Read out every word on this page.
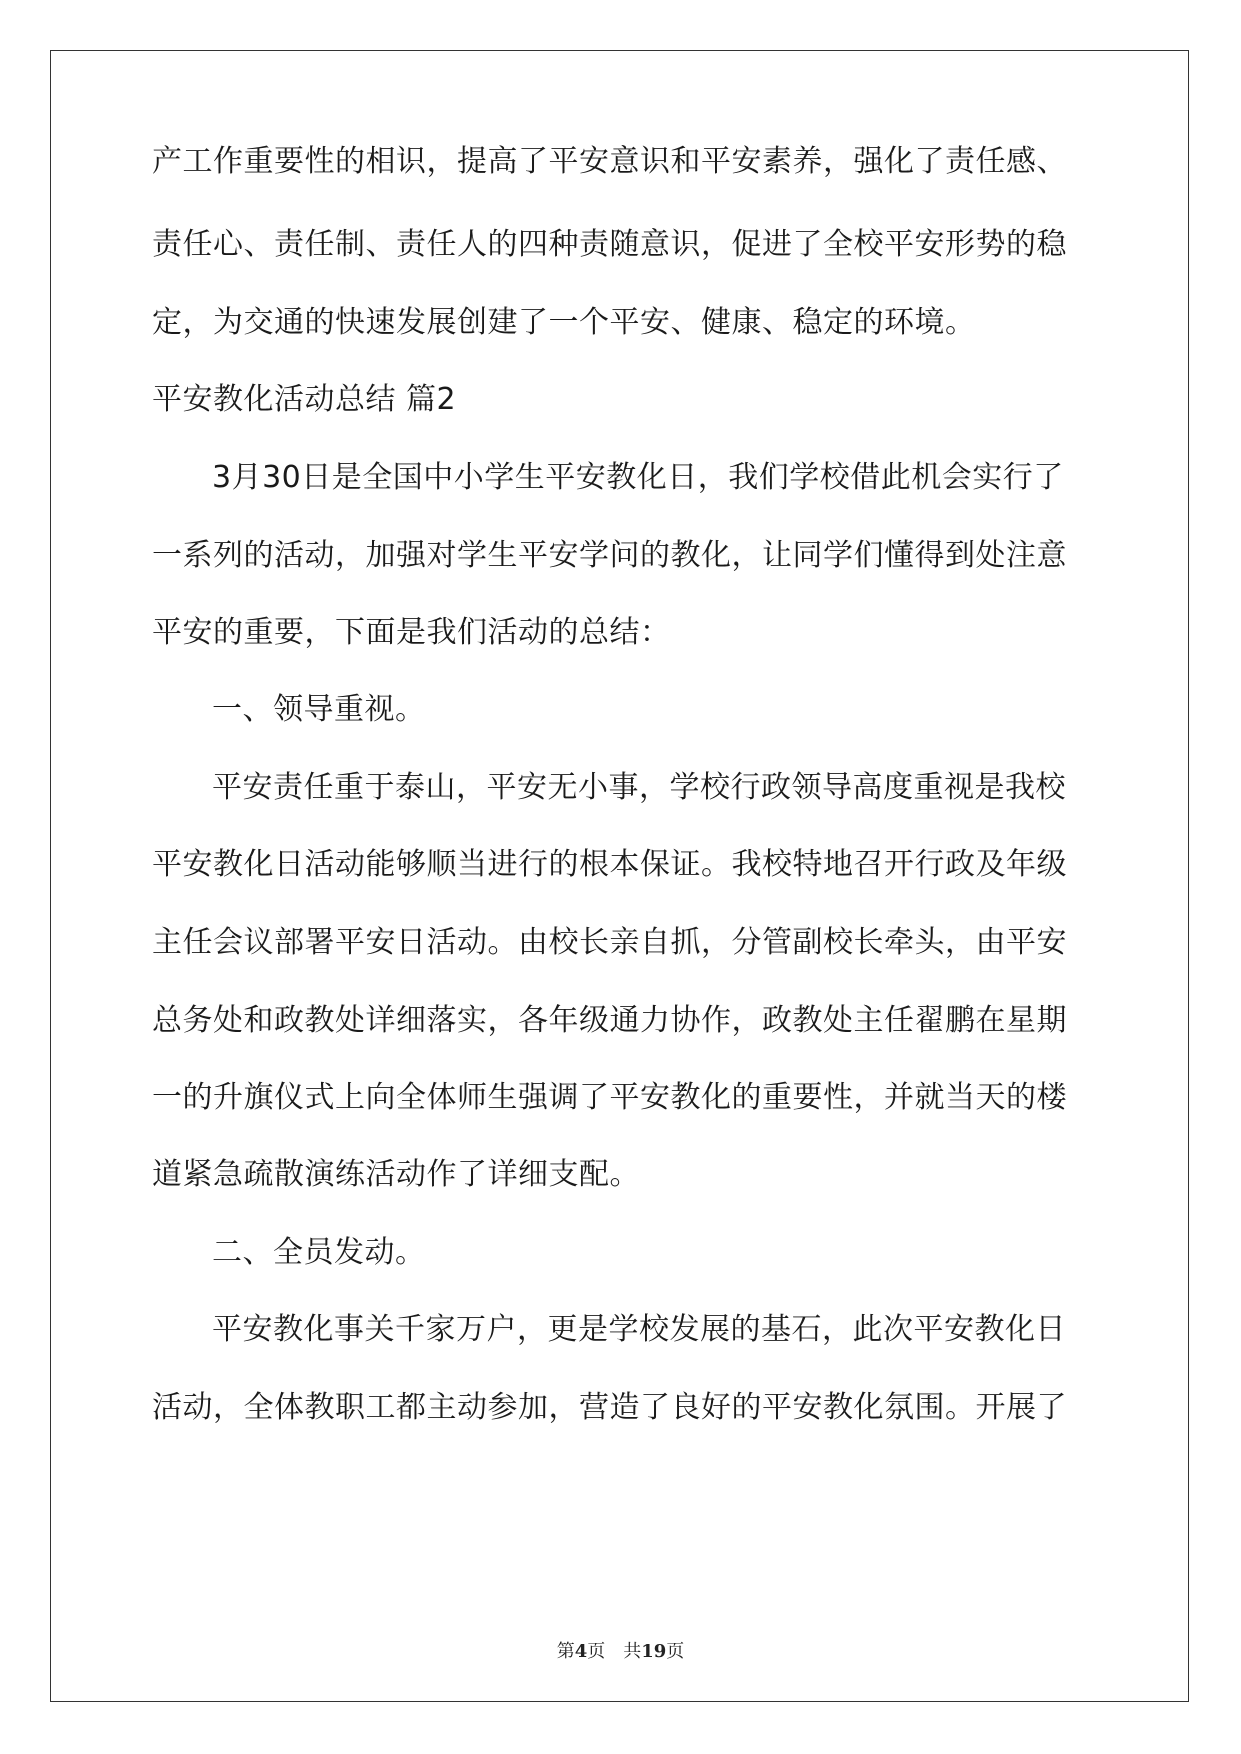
产工作重要性的相识，提高了平安意识和平安素养，强化了责任感、
责任心、责任制、责任人的四种责随意识，促进了全校平安形势的稳
定，为交通的快速发展创建了一个平安、健康、稳定的环境。
平安教化活动总结 篇2
3月30日是全国中小学生平安教化日，我们学校借此机会实行了
一系列的活动，加强对学生平安学问的教化，让同学们懂得到处注意
平安的重要，下面是我们活动的总结：
一、领导重视。
平安责任重于泰山，平安无小事，学校行政领导高度重视是我校
平安教化日活动能够顺当进行的根本保证。我校特地召开行政及年级
主任会议部署平安日活动。由校长亲自抓，分管副校长牵头，由平安
总务处和政教处详细落实，各年级通力协作，政教处主任翟鹏在星期
一的升旗仪式上向全体师生强调了平安教化的重要性，并就当天的楼
道紧急疏散演练活动作了详细支配。
二、全员发动。
平安教化事关千家万户，更是学校发展的基石，此次平安教化日
活动，全体教职工都主动参加，营造了良好的平安教化氛围。开展了
第4页 共19页
